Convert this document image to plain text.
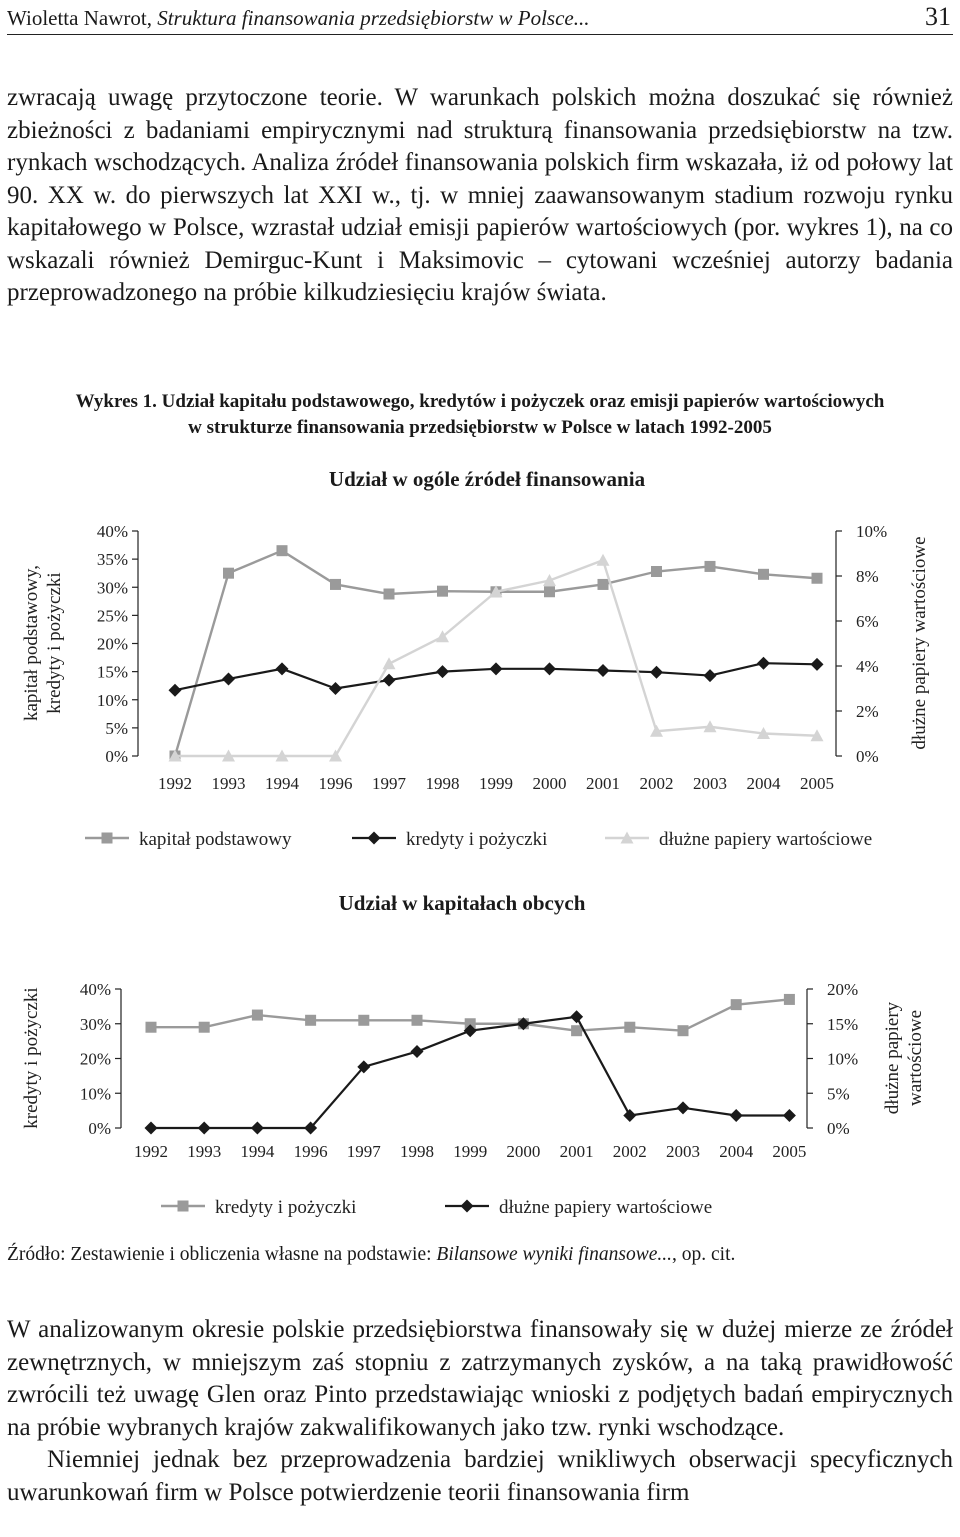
Wioletta Nawrot, Struktura finansowania przedsiębiorstw w Polsce...	31

zwracają uwagę przytoczone teorie. W warunkach polskich można doszukać się również zbieżności z badaniami empirycznymi nad strukturą finansowania przedsiębiorstw na tzw. rynkach wschodzących. Analiza źródeł finansowania polskich firm wskazała, iż od połowy lat 90. XX w. do pierwszych lat XXI w., tj. w mniej zaawansowanym stadium rozwoju rynku kapitałowego w Polsce, wzrastał udział emisji papierów wartościowych (por. wykres 1), na co wskazali również Demirguc-Kunt i Maksimovic – cytowani wcześniej autorzy badania przeprowadzonego na próbie kilkudziesięciu krajów świata.

Wykres 1. Udział kapitału podstawowego, kredytów i pożyczek oraz emisji papierów wartościowych
w strukturze finansowania przedsiębiorstw w Polsce w latach 1992-2005
Udział w ogóle źródeł finansowania
0%
5%
10%
15%
20%
25%
30%
35%
40%
0%
2%
4%
6%
8%
10%
1992 1993 1994 1996 1997 1998 1999 2000 2001 2002 2003 2004 2005
kapitał podstawowy, kredyty i pożyczki	dłużne papiery wartościowe
kapitał podstawowy	kredyty i pożyczki	dłużne papiery wartościowe
Udział w kapitałach obcych
0%
10%
20%
30%
40%
0%
5%
10%
15%
20%
1992 1993 1994 1996 1997 1998 1999 2000 2001 2002 2003 2004 2005
kredyty i pożyczki	dłużne papiery wartościowe
kredyty i pożyczki	dłużne papiery wartościowe
Źródło: Zestawienie i obliczenia własne na podstawie: Bilansowe wyniki finansowe..., op. cit.

W analizowanym okresie polskie przedsiębiorstwa finansowały się w dużej mierze ze źródeł zewnętrznych, w mniejszym zaś stopniu z zatrzymanych zysków, a na taką prawidłowość zwrócili też uwagę Glen oraz Pinto przedstawiając wnioski z podjętych badań empirycznych na próbie wybranych krajów zakwalifikowanych jako tzw. rynki wschodzące.

Niemniej jednak bez przeprowadzenia bardziej wnikliwych obserwacji specyficznych uwarunkowań firm w Polsce potwierdzenie teorii finansowania firm
